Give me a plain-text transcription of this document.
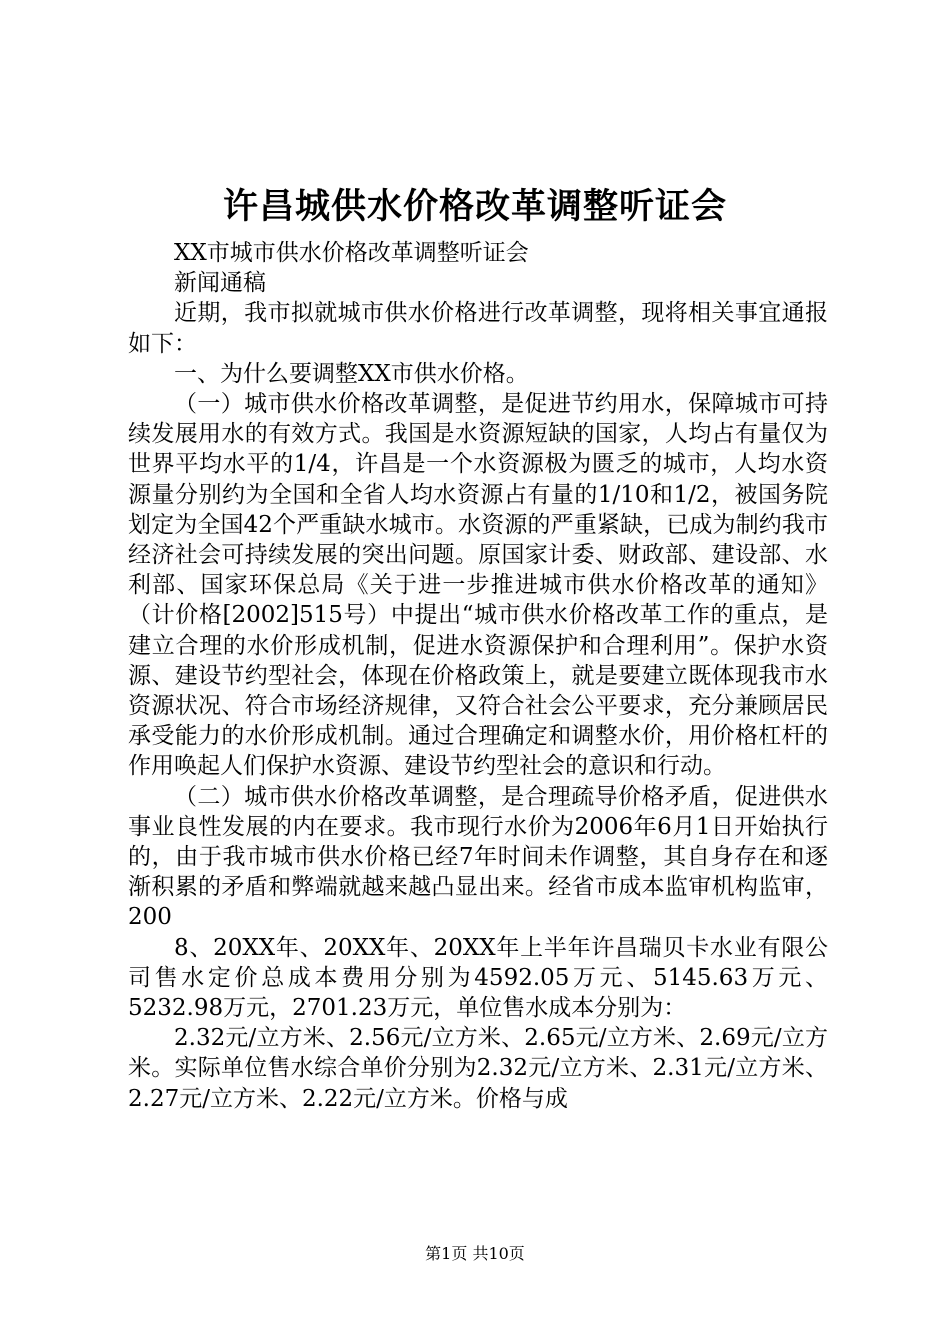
许昌城供水价格改革调整听证会

XX市城市供水价格改革调整听证会

新闻通稿

近期，我市拟就城市供水价格进行改革调整，现将相关事宜通报如下：

一、为什么要调整XX市供水价格。

（一）城市供水价格改革调整，是促进节约用水，保障城市可持续发展用水的有效方式。我国是水资源短缺的国家，人均占有量仅为世界平均水平的1/4，许昌是一个水资源极为匮乏的城市，人均水资源量分别约为全国和全省人均水资源占有量的1/10和1/2，被国务院划定为全国42个严重缺水城市。水资源的严重紧缺，已成为制约我市经济社会可持续发展的突出问题。原国家计委、财政部、建设部、水利部、国家环保总局《关于进一步推进城市供水价格改革的通知》（计价格[2002]515号）中提出“城市供水价格改革工作的重点，是建立合理的水价形成机制，促进水资源保护和合理利用”。保护水资源、建设节约型社会，体现在价格政策上，就是要建立既体现我市水资源状况、符合市场经济规律，又符合社会公平要求，充分兼顾居民承受能力的水价形成机制。通过合理确定和调整水价，用价格杠杆的作用唤起人们保护水资源、建设节约型社会的意识和行动。

（二）城市供水价格改革调整，是合理疏导价格矛盾，促进供水事业良性发展的内在要求。我市现行水价为2006年6月1日开始执行的，由于我市城市供水价格已经7年时间未作调整，其自身存在和逐渐积累的矛盾和弊端就越来越凸显出来。经省市成本监审机构监审，200

8、20XX年、20XX年、20XX年上半年许昌瑞贝卡水业有限公司售水定价总成本费用分别为4592.05万元、5145.63万元、5232.98万元，2701.23万元，单位售水成本分别为：

2.32元/立方米、2.56元/立方米、2.65元/立方米、2.69元/立方米。实际单位售水综合单价分别为2.32元/立方米、2.31元/立方米、2.27元/立方米、2.22元/立方米。价格与成

第1页 共10页
